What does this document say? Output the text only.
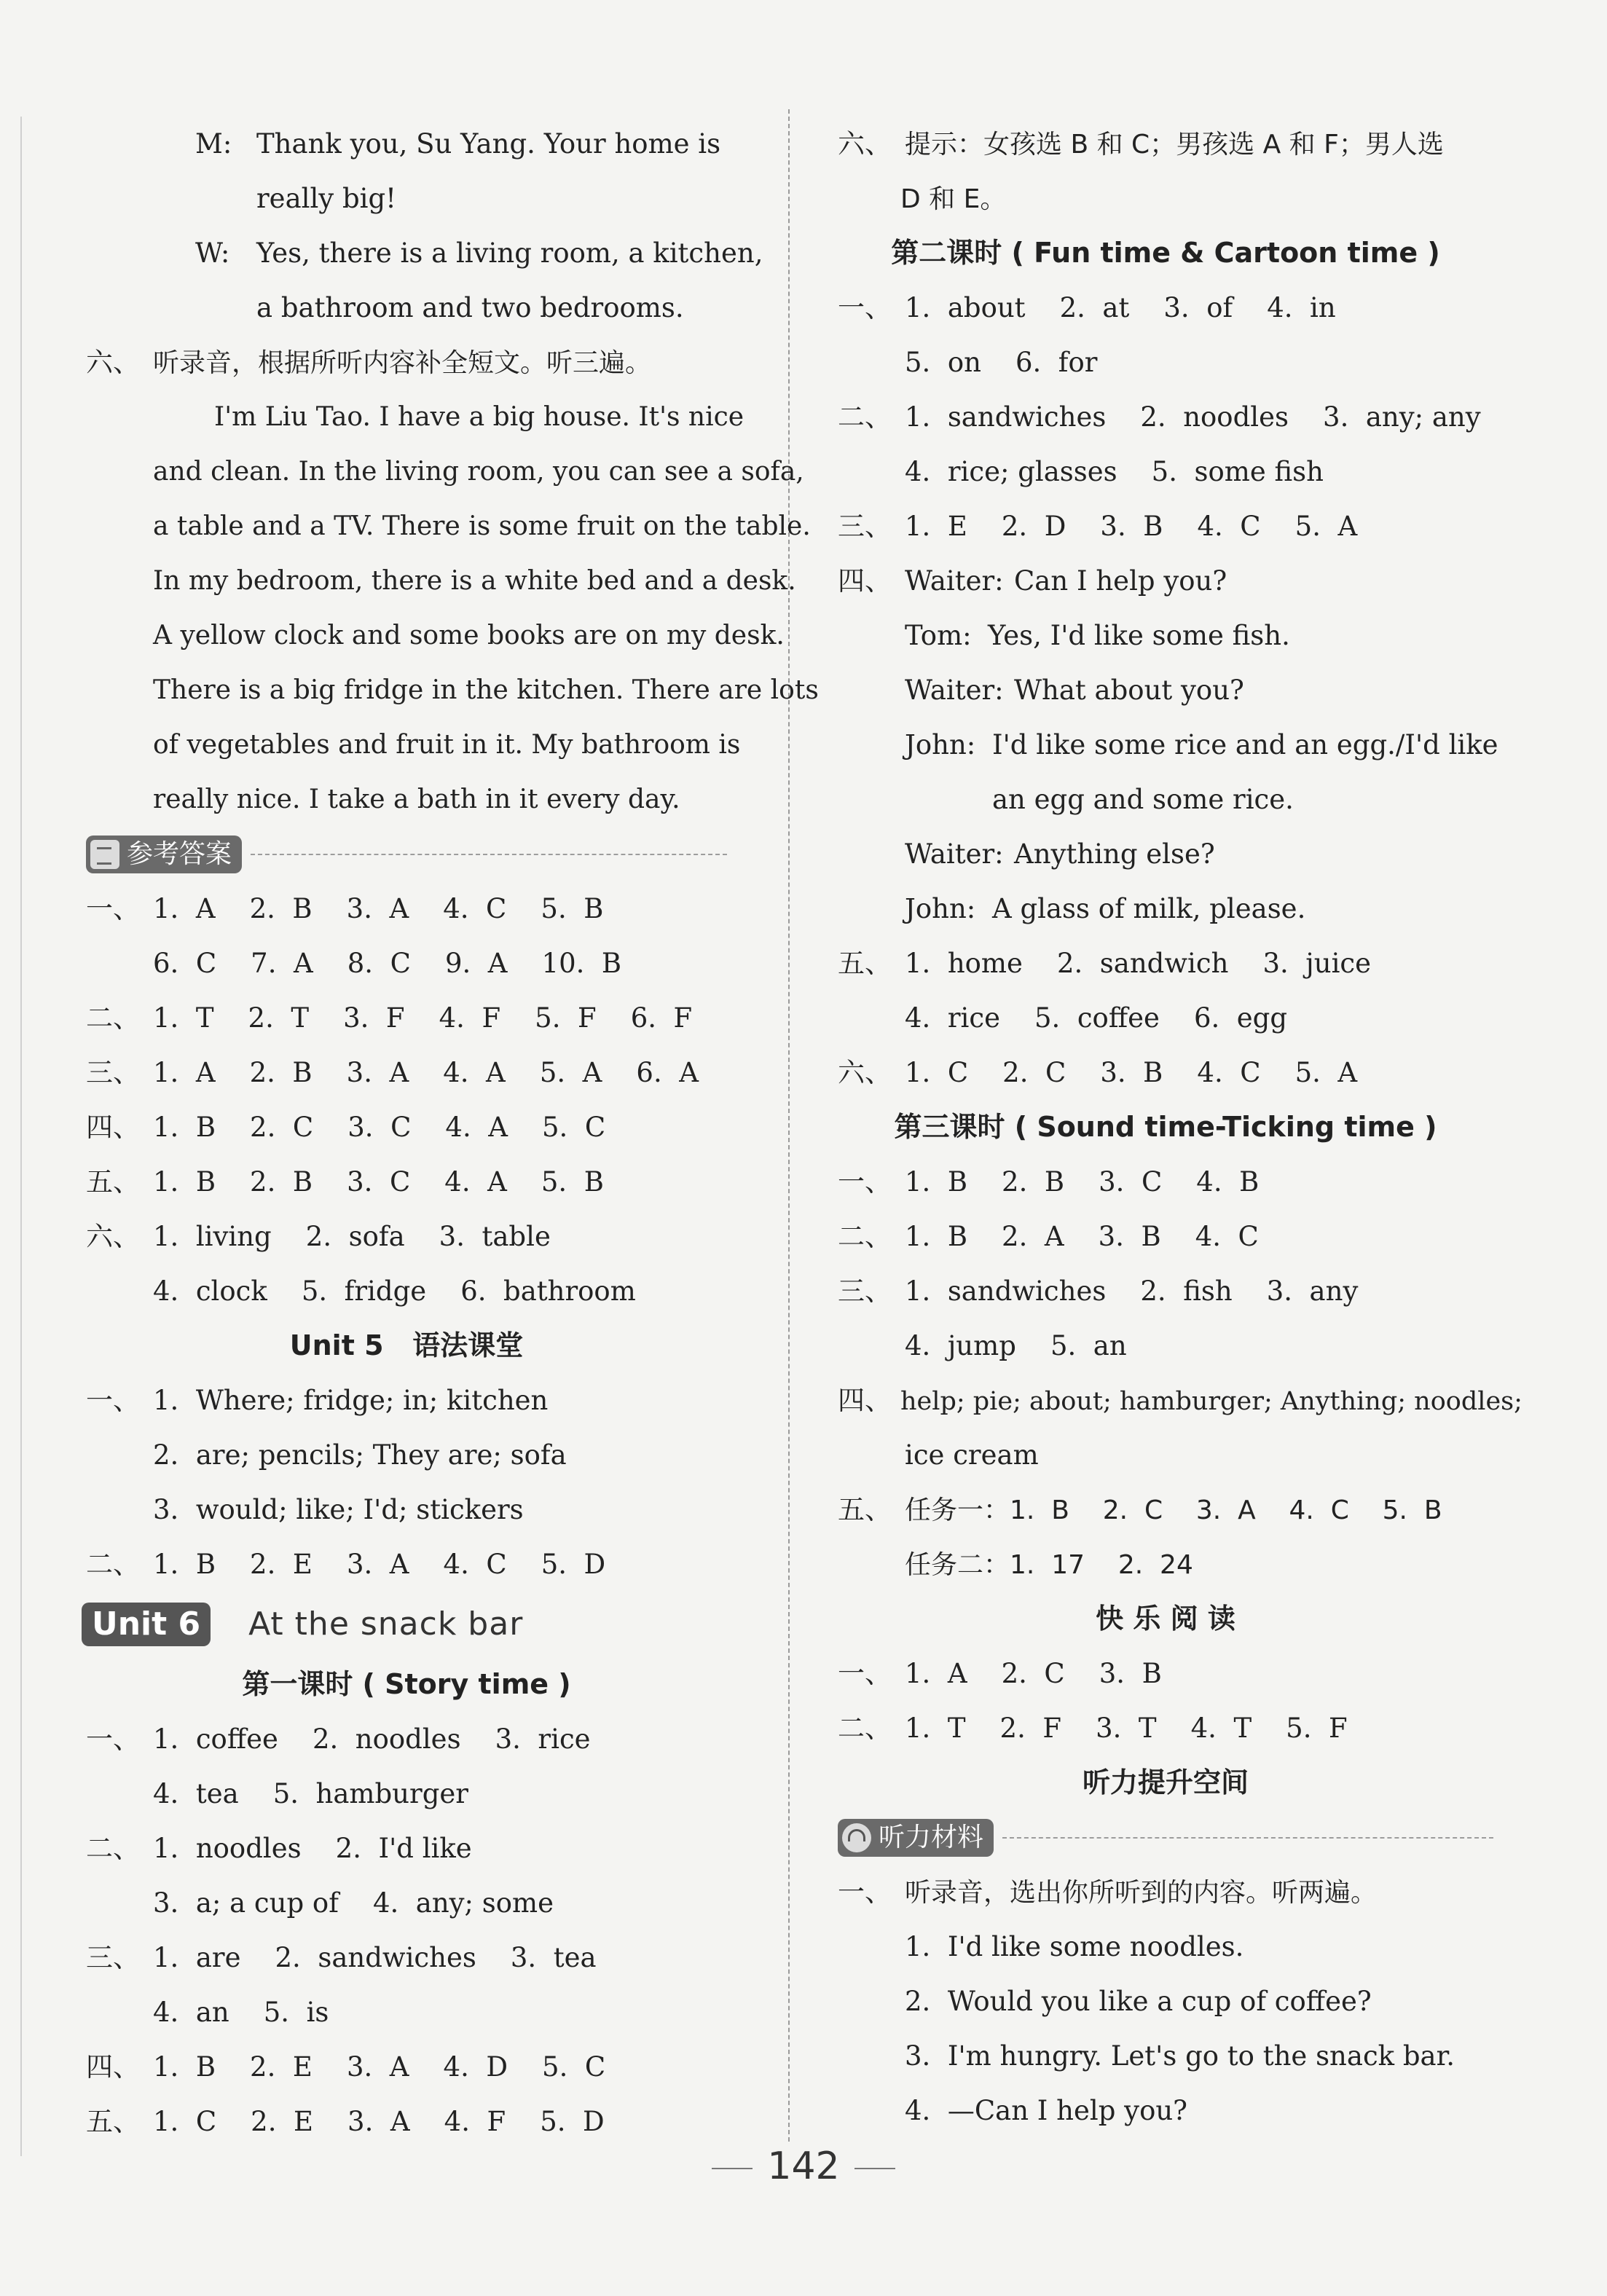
M: Thank you, Su Yang. Your home is
really big!
W: Yes, there is a living room, a kitchen,
a bathroom and two bedrooms.
六、 听录音，根据所听内容补全短文。听三遍。
I'm Liu Tao. I have a big house. It's nice
and clean. In the living room, you can see a sofa,
a table and a TV. There is some fruit on the table.
In my bedroom, there is a white bed and a desk.
A yellow clock and some books are on my desk.
There is a big fridge in the kitchen. There are lots
of vegetables and fruit in it. My bathroom is
really nice. I take a bath in it every day.
参考答案
一、 1.  A    2.  B    3.  A    4.  C    5.  B
6.  C    7.  A    8.  C    9.  A    10.  B
二、 1.  T    2.  T    3.  F    4.  F    5.  F    6.  F
三、 1.  A    2.  B    3.  A    4.  A    5.  A    6.  A
四、 1.  B    2.  C    3.  C    4.  A    5.  C
五、 1.  B    2.  B    3.  C    4.  A    5.  B
六、 1.  living    2.  sofa    3.  table
4.  clock    5.  fridge    6.  bathroom
Unit 5   语法课堂
一、 1.  Where; fridge; in; kitchen
2.  are; pencils; They are; sofa
3.  would; like; I'd; stickers
二、 1.  B    2.  E    3.  A    4.  C    5.  D
Unit 6 At the snack bar
第一课时 ( Story time )
一、 1.  coffee    2.  noodles    3.  rice
4.  tea    5.  hamburger
二、 1.  noodles    2.  I'd like
3.  a; a cup of    4.  any; some
三、 1.  are    2.  sandwiches    3.  tea
4.  an    5.  is
四、 1.  B    2.  E    3.  A    4.  D    5.  C
五、 1.  C    2.  E    3.  A    4.  F    5.  D
六、 提示：女孩选 B 和 C；男孩选 A 和 F；男人选
D 和 E。
第二课时 ( Fun time & Cartoon time )
一、 1.  about    2.  at    3.  of    4.  in
5.  on    6.  for
二、 1.  sandwiches    2.  noodles    3.  any; any
4.  rice; glasses    5.  some fish
三、 1.  E    2.  D    3.  B    4.  C    5.  A
四、 Waiter: Can I help you?
Tom: Yes, I'd like some fish.
Waiter: What about you?
John: I'd like some rice and an egg./I'd like
an egg and some rice.
Waiter: Anything else?
John: A glass of milk, please.
五、 1.  home    2.  sandwich    3.  juice
4.  rice    5.  coffee    6.  egg
六、 1.  C    2.  C    3.  B    4.  C    5.  A
第三课时 ( Sound time-Ticking time )
一、 1.  B    2.  B    3.  C    4.  B
二、 1.  B    2.  A    3.  B    4.  C
三、 1.  sandwiches    2.  fish    3.  any
4.  jump    5.  an
四、 help; pie; about; hamburger; Anything; noodles;
ice cream
五、 任务一：1.  B    2.  C    3.  A    4.  C    5.  B
任务二：1.  17    2.  24
快 乐 阅 读
一、 1.  A    2.  C    3.  B
二、 1.  T    2.  F    3.  T    4.  T    5.  F
听力提升空间
听力材料
一、 听录音，选出你所听到的内容。听两遍。
1.  I'd like some noodles.
2.  Would you like a cup of coffee?
3.  I'm hungry. Let's go to the snack bar.
4.  —Can I help you?
142
